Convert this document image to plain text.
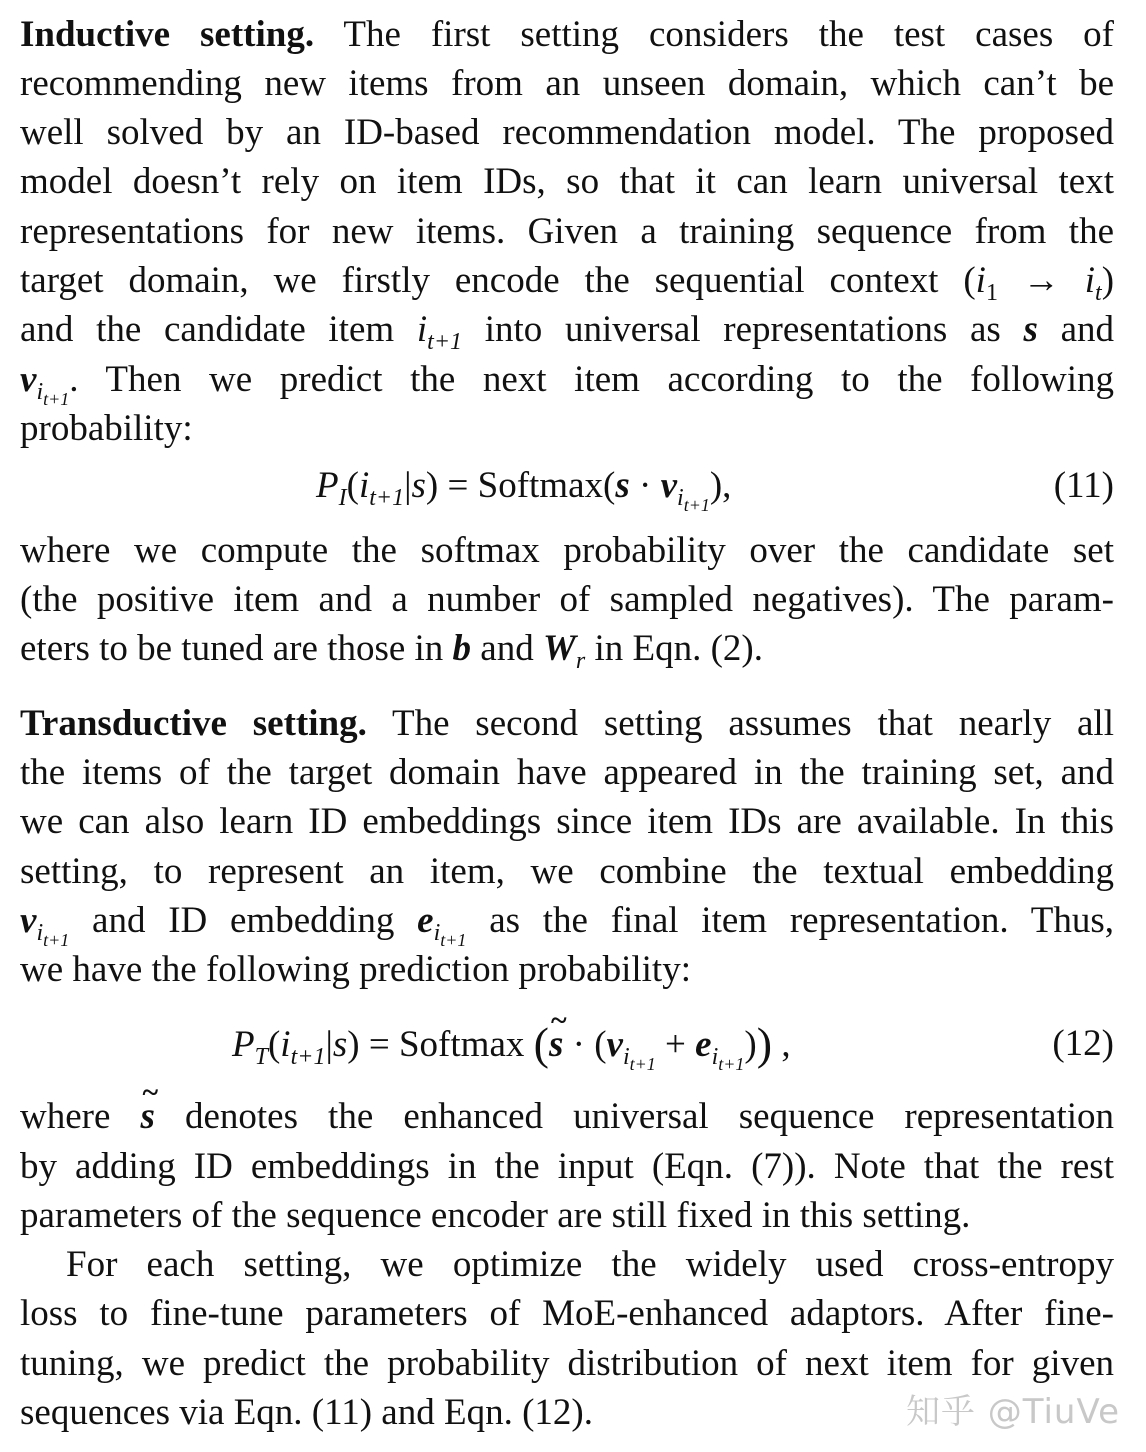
Inductive setting. The first setting considers the test cases of
recommending new items from an unseen domain, which can’t be
well solved by an ID-based recommendation model. The proposed
model doesn’t rely on item IDs, so that it can learn universal text
representations for new items. Given a training sequence from the
target domain, we firstly encode the sequential context $(i_1 \to i_t)$
and the candidate item $i_{t+1}$ into universal representations as s and
$v_{i_{t+1}}$. Then we predict the next item according to the following
probability:
$P_I(i_{t+1}|s)$ = Softmax(s · $v_{i_{t+1}}$),	(11)
where we compute the softmax probability over the candidate set
(the positive item and a number of sampled negatives). The param-
eters to be tuned are those in b and $W_r$ in Eqn. (2).
Transductive setting. The second setting assumes that nearly all
the items of the target domain have appeared in the training set, and
we can also learn ID embeddings since item IDs are available. In this
setting, to represent an item, we combine the textual embedding
$v_{i_{t+1}}$ and ID embedding $e_{i_{t+1}}$ as the final item representation. Thus,
we have the following prediction probability:
$P_T(i_{t+1}|s)$ = Softmax (~ $s \cdot (v_{i_{t+1}} + e_{i_{t+1}})$) ,	(12)
where ~ s denotes the enhanced universal sequence representation
by adding ID embeddings in the input (Eqn. (7)). Note that the rest
parameters of the sequence encoder are still fixed in this setting.
For each setting, we optimize the widely used cross-entropy
loss to fine-tune parameters of MoE-enhanced adaptors. After fine-
tuning, we predict the probability distribution of next item for given
sequences via Eqn. (11) and Eqn. (12).	知乎 @TiuVe
